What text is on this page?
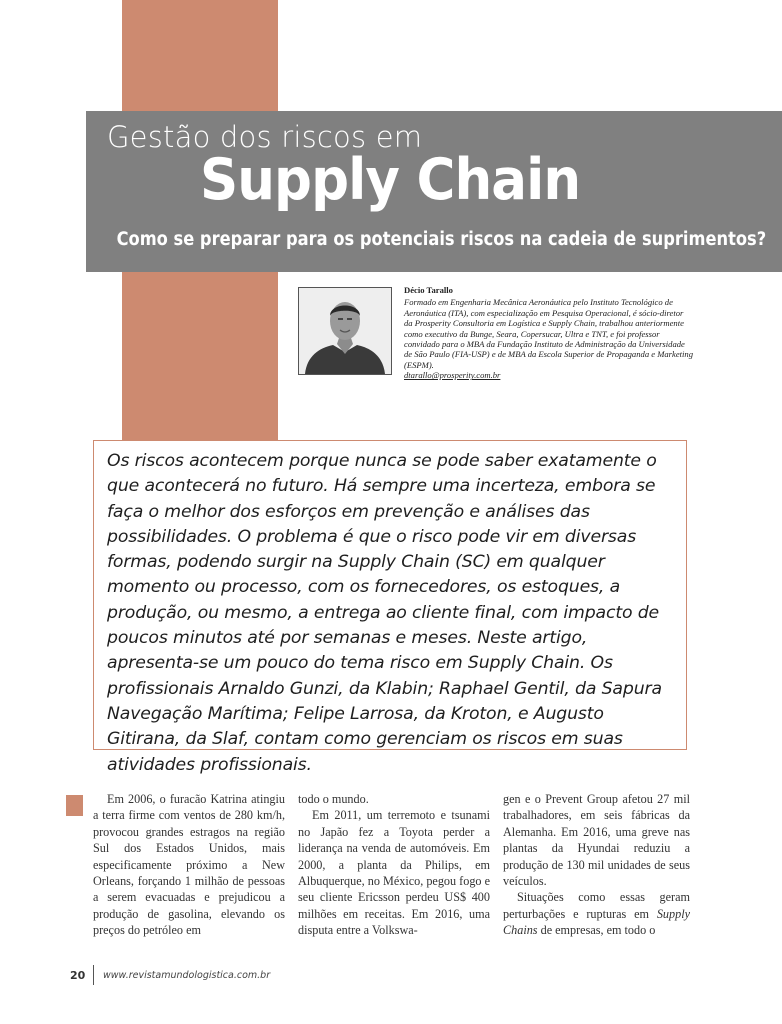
Gestão dos riscos em
Supply Chain
Como se preparar para os potenciais riscos na cadeia de suprimentos?
Décio Tarallo
Formado em Engenharia Mecânica Aeronáutica pelo Instituto Tecnológico de Aeronáutica (ITA), com especialização em Pesquisa Operacional, é sócio-diretor da Prosperity Consultoria em Logística e Supply Chain, trabalhou anteriormente como executivo da Bunge, Seara, Copersucar, Ultra e TNT, e foi professor convidado para o MBA da Fundação Instituto de Administração da Universidade de São Paulo (FIA-USP) e de MBA da Escola Superior de Propaganda e Marketing (ESPM).
dtarallo@prosperity.com.br

Os riscos acontecem porque nunca se pode saber exatamente o que acontecerá no futuro. Há sempre uma incerteza, embora se faça o melhor dos esforços em prevenção e análises das possibilidades. O problema é que o risco pode vir em diversas formas, podendo surgir na Supply Chain (SC) em qualquer momento ou processo, com os fornecedores, os estoques, a produção, ou mesmo, a entrega ao cliente final, com impacto de poucos minutos até por semanas e meses. Neste artigo, apresenta-se um pouco do tema risco em Supply Chain. Os profissionais Arnaldo Gunzi, da Klabin; Raphael Gentil, da Sapura Navegação Marítima; Felipe Larrosa, da Kroton, e Augusto Gitirana, da Slaf, contam como gerenciam os riscos em suas atividades profissionais.

Em 2006, o furacão Katrina atingiu a terra firme com ventos de 280 km/h, provocou grandes estragos na região Sul dos Estados Unidos, mais especificamente próximo a New Orleans, forçando 1 milhão de pessoas a serem evacuadas e prejudicou a produção de gasolina, elevando os preços do petróleo em

todo o mundo.

Em 2011, um terremoto e tsunami no Japão fez a Toyota perder a liderança na venda de automóveis. Em 2000, a planta da Philips, em Albuquerque, no México, pegou fogo e seu cliente Ericsson perdeu US$ 400 milhões em receitas. Em 2016, uma disputa entre a Volkswa-

gen e o Prevent Group afetou 27 mil trabalhadores, em seis fábricas da Alemanha. Em 2016, uma greve nas plantas da Hyundai reduziu a produção de 130 mil unidades de seus veículos.

Situações como essas geram perturbações e rupturas em Supply Chains de empresas, em todo o

20 www.revistamundologistica.com.br
